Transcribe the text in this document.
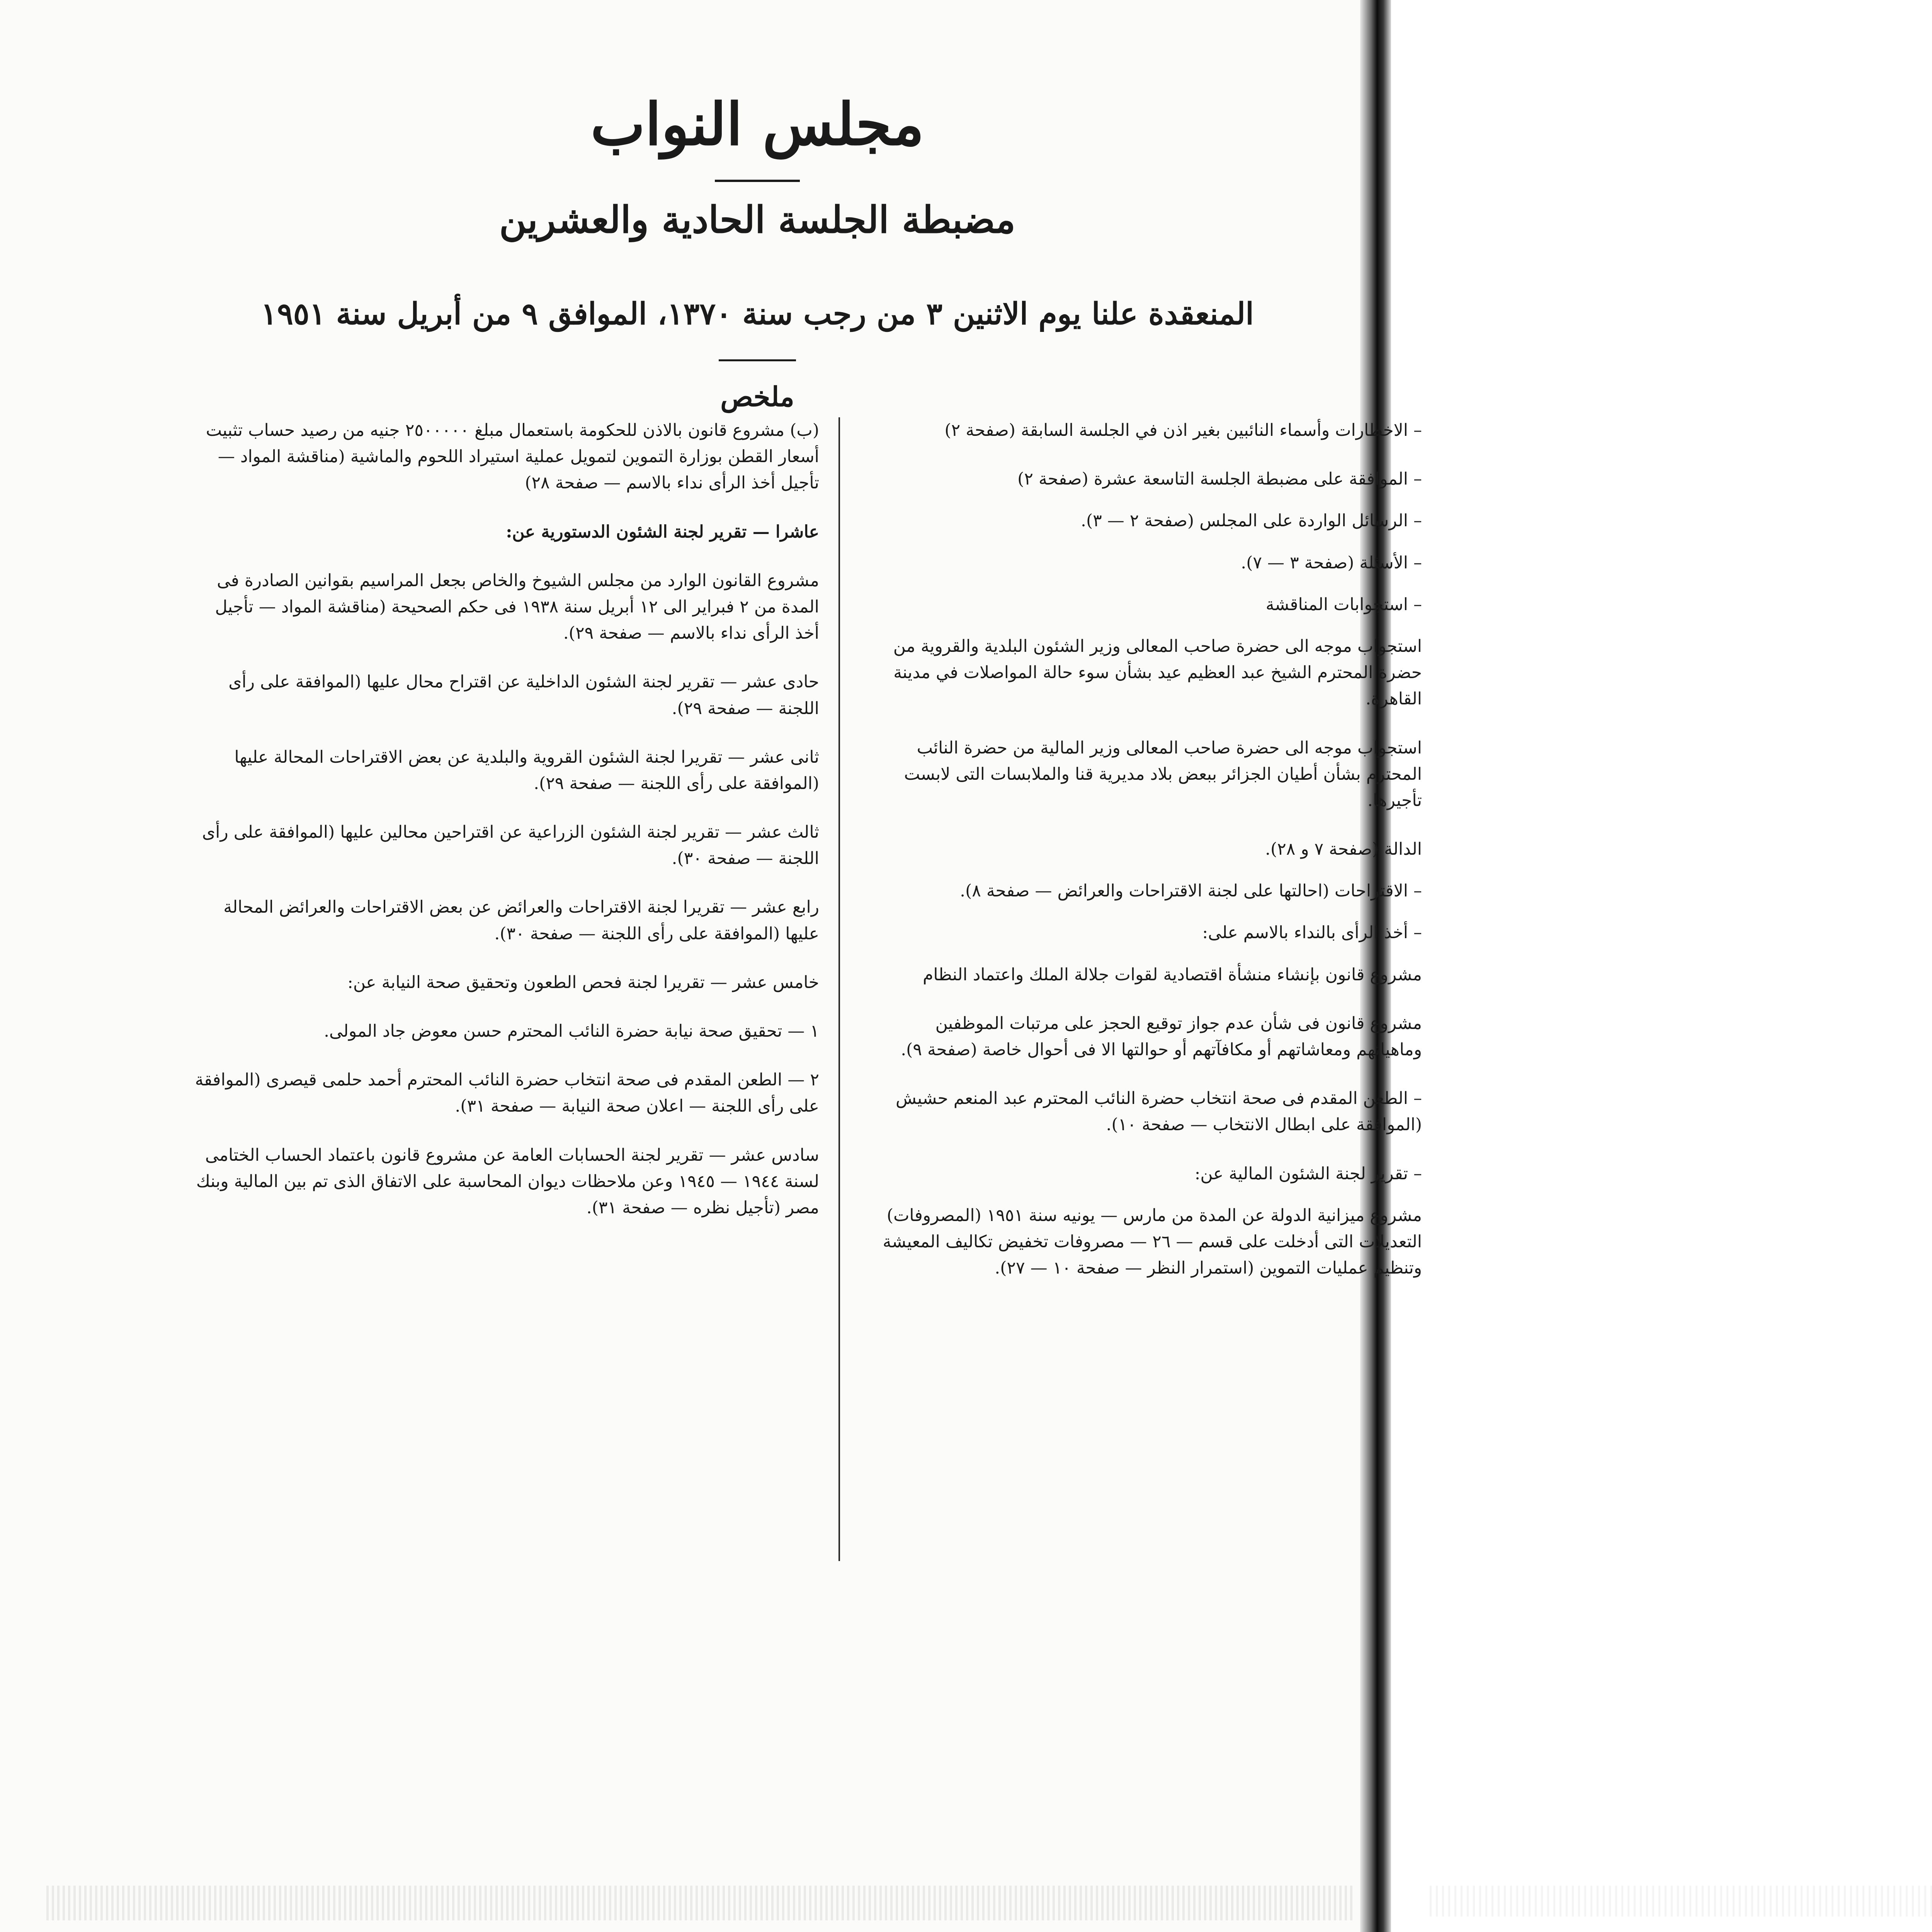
مجلس النواب
مضبطة الجلسة الحادية والعشرين
المنعقدة علنا يوم الاثنين ٣ من رجب سنة ١٣٧٠، الموافق ٩ من أبريل سنة ١٩٥١
ملخص
– الاخطارات وأسماء النائبين بغير اذن في الجلسة السابقة (صفحة ٢)
– الموافقة على مضبطة الجلسة التاسعة عشرة (صفحة ٢)
– الرسائل الواردة على المجلس (صفحة ٢ — ٣).
– الأسئلة (صفحة ٣ — ٧).
– استجوابات المناقشة
استجواب موجه الى حضرة صاحب المعالى وزير الشئون البلدية والقروية من حضرة المحترم الشيخ عبد العظيم عيد بشأن سوء حالة المواصلات في مدينة القاهرة.
استجواب موجه الى حضرة صاحب المعالى وزير المالية من حضرة النائب المحترم بشأن أطيان الجزائر ببعض بلاد مديرية قنا والملابسات التى لابست تأجيرها.
الدالة (صفحة ٧ و ٢٨).
– الاقتراحات (احالتها على لجنة الاقتراحات والعرائض — صفحة ٨).
– أخذ الرأى بالنداء بالاسم على:
مشروع قانون بإنشاء منشأة اقتصادية لقوات جلالة الملك واعتماد النظام
مشروع قانون فى شأن عدم جواز توقيع الحجز على مرتبات الموظفين وماهياتهم ومعاشاتهم أو مكافآتهم أو حوالتها الا فى أحوال خاصة (صفحة ٩).
– الطعن المقدم فى صحة انتخاب حضرة النائب المحترم عبد المنعم حشيش (الموافقة على ابطال الانتخاب — صفحة ١٠).
– تقرير لجنة الشئون المالية عن:
مشروع ميزانية الدولة عن المدة من مارس — يونيه سنة ١٩٥١ (المصروفات) التعديلات التى أدخلت على قسم — ٢٦ — مصروفات تخفيض تكاليف المعيشة وتنظيم عمليات التموين (استمرار النظر — صفحة ١٠ — ٢٧).
(ب) مشروع قانون بالاذن للحكومة باستعمال مبلغ ٢٥٠٠٠٠٠ جنيه من رصيد حساب تثبيت أسعار القطن بوزارة التموين لتمويل عملية استيراد اللحوم والماشية (مناقشة المواد — تأجيل أخذ الرأى نداء بالاسم — صفحة ٢٨)
عاشرا — تقرير لجنة الشئون الدستورية عن:
مشروع القانون الوارد من مجلس الشيوخ والخاص بجعل المراسيم بقوانين الصادرة فى المدة من ٢ فبراير الى ١٢ أبريل سنة ١٩٣٨ فى حكم الصحيحة (مناقشة المواد — تأجيل أخذ الرأى نداء بالاسم — صفحة ٢٩).
حادى عشر — تقرير لجنة الشئون الداخلية عن اقتراح محال عليها (الموافقة على رأى اللجنة — صفحة ٢٩).
ثانى عشر — تقريرا لجنة الشئون القروية والبلدية عن بعض الاقتراحات المحالة عليها (الموافقة على رأى اللجنة — صفحة ٢٩).
ثالث عشر — تقرير لجنة الشئون الزراعية عن اقتراحين محالين عليها (الموافقة على رأى اللجنة — صفحة ٣٠).
رابع عشر — تقريرا لجنة الاقتراحات والعرائض عن بعض الاقتراحات والعرائض المحالة عليها (الموافقة على رأى اللجنة — صفحة ٣٠).
خامس عشر — تقريرا لجنة فحص الطعون وتحقيق صحة النيابة عن:
١ — تحقيق صحة نيابة حضرة النائب المحترم حسن معوض جاد المولى.
٢ — الطعن المقدم فى صحة انتخاب حضرة النائب المحترم أحمد حلمى قيصرى (الموافقة على رأى اللجنة — اعلان صحة النيابة — صفحة ٣١).
سادس عشر — تقرير لجنة الحسابات العامة عن مشروع قانون باعتماد الحساب الختامى لسنة ١٩٤٤ — ١٩٤٥ وعن ملاحظات ديوان المحاسبة على الاتفاق الذى تم بين المالية وبنك مصر (تأجيل نظره — صفحة ٣١).
